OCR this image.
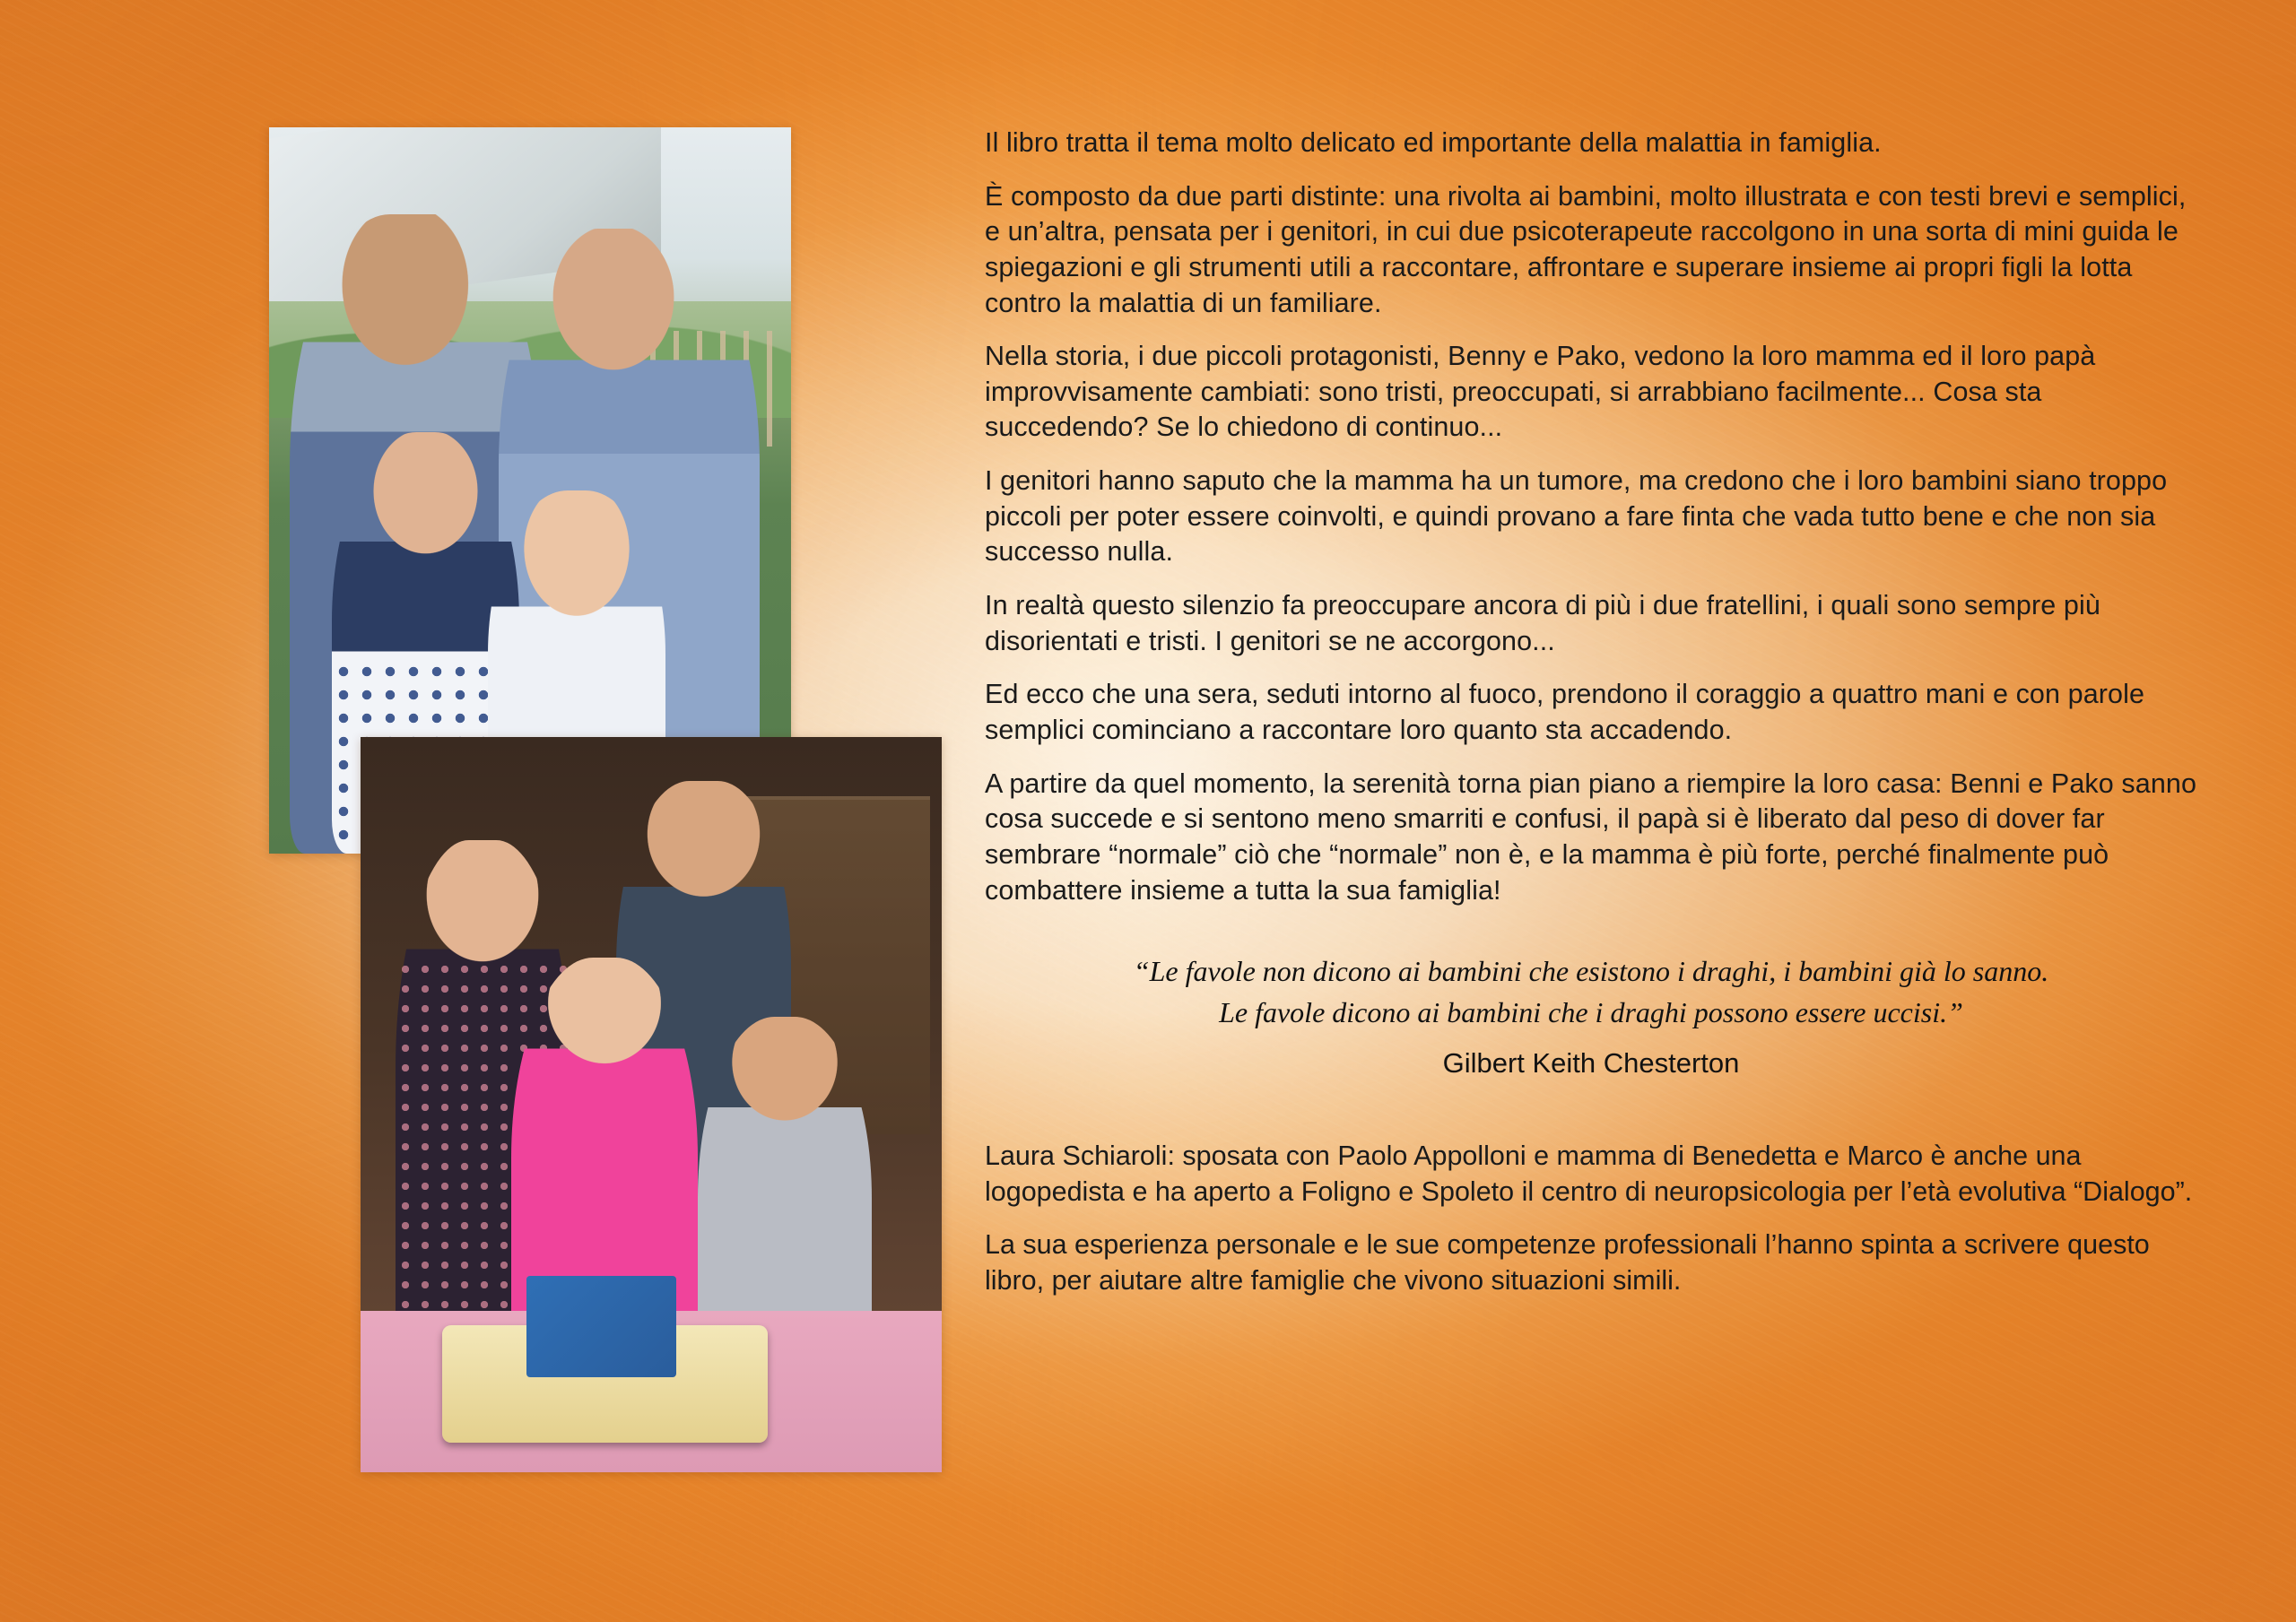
Il libro tratta il tema molto delicato ed importante della malattia in famiglia.

È composto da due parti distinte: una rivolta ai bambini, molto illustrata e con testi brevi e semplici, e un’altra, pensata per i genitori, in cui due psicoterapeute raccolgono in una sorta di mini guida le spiegazioni e gli strumenti utili a raccontare, affrontare e superare insieme ai propri figli la lotta contro la malattia di un familiare.

Nella storia, i due piccoli protagonisti, Benny e Pako, vedono la loro mamma ed il loro papà improvvisamente cambiati: sono tristi, preoccupati, si arrabbiano facilmente... Cosa sta succedendo? Se lo chiedono di continuo...

I genitori hanno saputo che la mamma ha un tumore, ma credono che i loro bambini siano troppo piccoli per poter essere coinvolti, e quindi provano a fare finta che vada tutto bene e che non sia successo nulla.

In realtà questo silenzio fa preoccupare ancora di più i due fratellini, i quali sono sempre più disorientati e tristi. I genitori se ne accorgono...

Ed ecco che una sera, seduti intorno al fuoco, prendono il coraggio a quattro mani e con parole semplici cominciano a raccontare loro quanto sta accadendo.

A partire da quel momento, la serenità torna pian piano a riempire la loro casa: Benni e Pako sanno cosa succede e si sentono meno smarriti e confusi, il papà si è liberato dal peso di dover far sembrare “normale” ciò che “normale” non è, e la mamma è più forte, perché finalmente può combattere insieme a tutta la sua famiglia!

“Le favole non dicono ai bambini che esistono i draghi, i bambini già lo sanno.
Le favole dicono ai bambini che i draghi possono essere uccisi.”
Gilbert Keith Chesterton

Laura Schiaroli: sposata con Paolo Appolloni e mamma di Benedetta e Marco è anche una logopedista e ha aperto a Foligno e Spoleto il centro di neuropsicologia per l’età evolutiva “Dialogo”.

La sua esperienza personale e le sue competenze professionali l’hanno spinta a scrivere questo libro, per aiutare altre famiglie che vivono situazioni simili.
